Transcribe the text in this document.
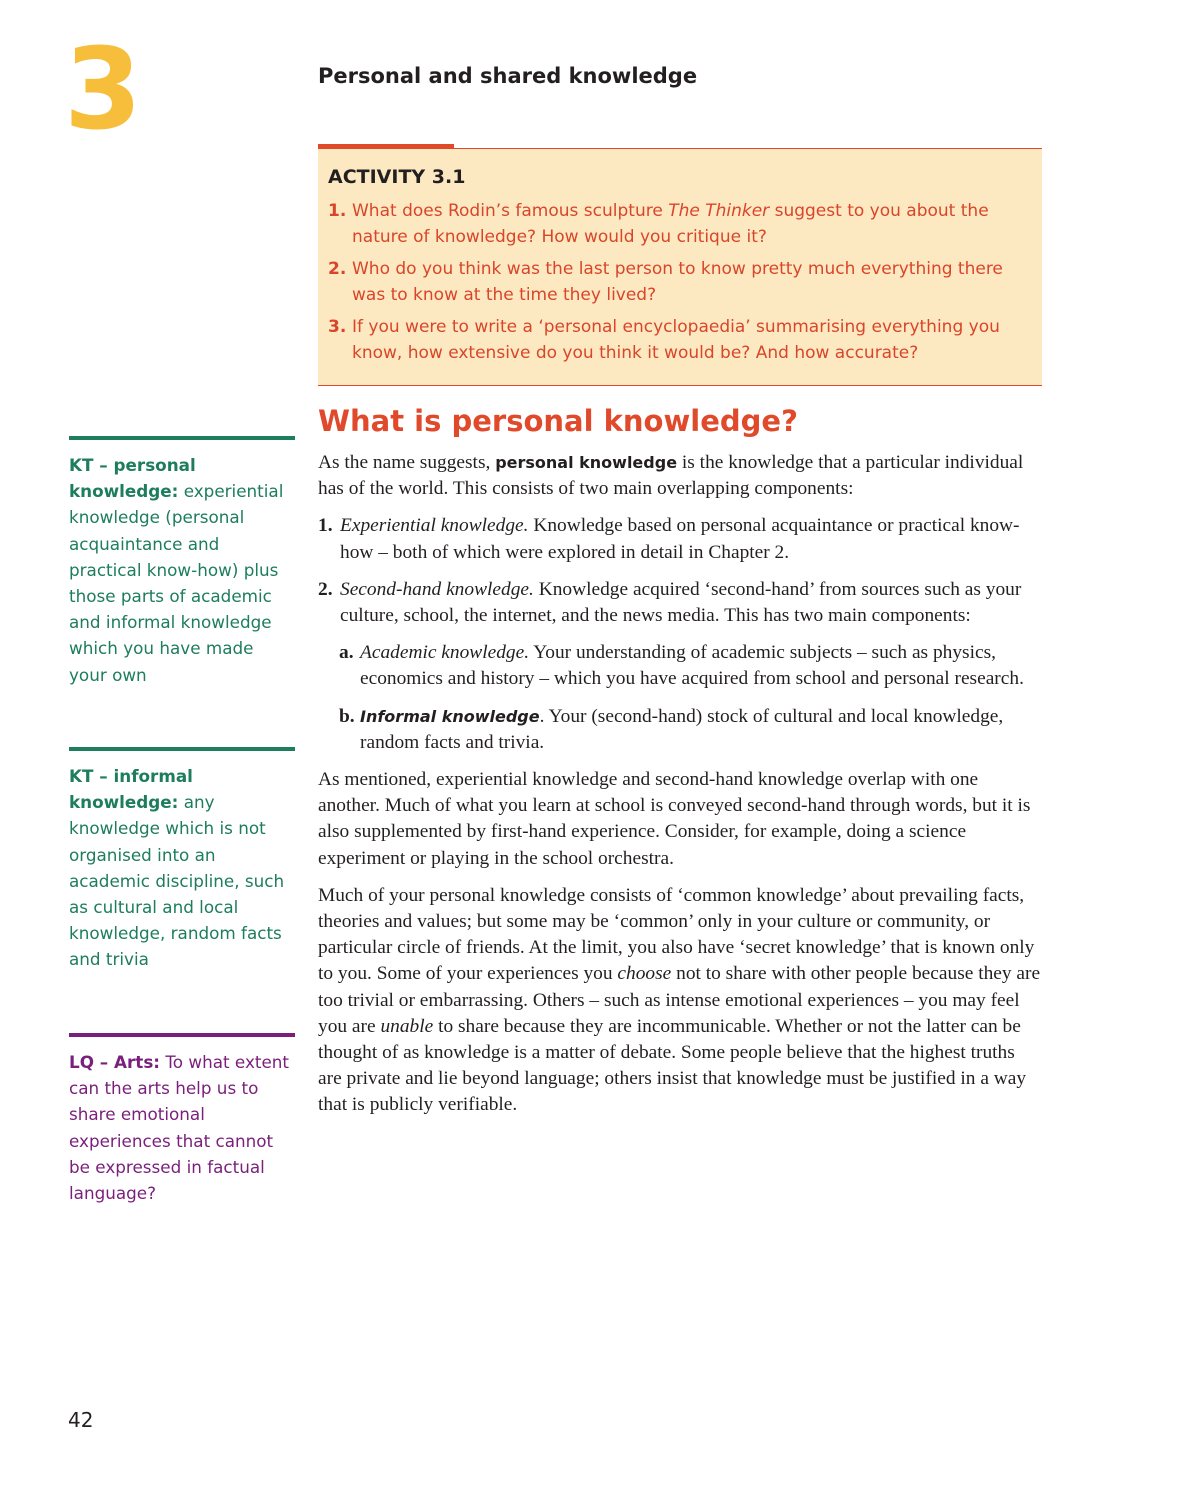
3	Personal and shared knowledge
ACTIVITY 3.1
1. What does Rodin’s famous sculpture The Thinker suggest to you about the nature of knowledge? How would you critique it?
2. Who do you think was the last person to know pretty much everything there was to know at the time they lived?
3. If you were to write a ‘personal encyclopaedia’ summarising everything you know, how extensive do you think it would be? And how accurate?
What is personal knowledge?

As the name suggests, personal knowledge is the knowledge that a particular individual has of the world. This consists of two main overlapping components:

1. Experiential knowledge. Knowledge based on personal acquaintance or practical know-how – both of which were explored in detail in Chapter 2.
2. Second-hand knowledge. Knowledge acquired ‘second-hand’ from sources such as your culture, school, the internet, and the news media. This has two main components:
a. Academic knowledge. Your understanding of academic subjects – such as physics, economics and history – which you have acquired from school and personal research.
b. Informal knowledge. Your (second-hand) stock of cultural and local knowledge, random facts and trivia.

As mentioned, experiential knowledge and second-hand knowledge overlap with one another. Much of what you learn at school is conveyed second-hand through words, but it is also supplemented by first-hand experience. Consider, for example, doing a science experiment or playing in the school orchestra.

Much of your personal knowledge consists of ‘common knowledge’ about prevailing facts, theories and values; but some may be ‘common’ only in your culture or community, or particular circle of friends. At the limit, you also have ‘secret knowledge’ that is known only to you. Some of your experiences you choose not to share with other people because they are too trivial or embarrassing. Others – such as intense emotional experiences – you may feel you are unable to share because they are incommunicable. Whether or not the latter can be thought of as knowledge is a matter of debate. Some people believe that the highest truths are private and lie beyond language; others insist that knowledge must be justified in a way that is publicly verifiable.

KT – personal knowledge: experiential knowledge (personal acquaintance and practical know-how) plus those parts of academic and informal knowledge which you have made your own
KT – informal knowledge: any knowledge which is not organised into an academic discipline, such as cultural and local knowledge, random facts and trivia
LQ – Arts: To what extent can the arts help us to share emotional experiences that cannot be expressed in factual language?
42
